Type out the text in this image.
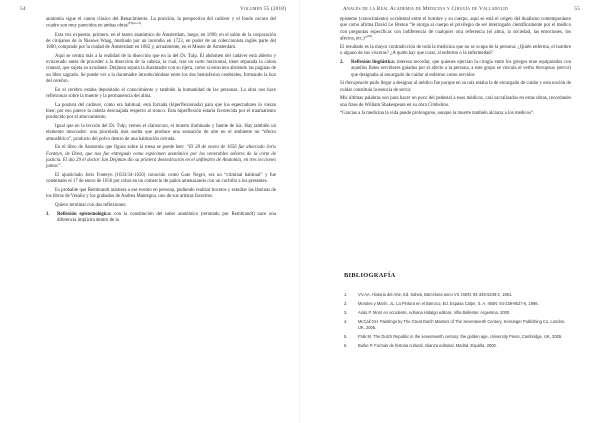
54	Volumen 55 (2018)

anatomía sigue el canon clásico del Renacimiento. La posición, la perspectiva del cadáver y el fondo oscuro del cuadro son muy parecidos en ambas obras$^{(Figura 4)}$.

Esta vez expuesto, primero, en el teatro anatómico de Ámsterdam, luego, en 1690, en el salón de la corporación de cirujanos de la Nieuwe Waag, mutilado por un incendio en 1723, en poder de un coleccionista inglés parte del 1800, comprado por la ciudad de Ámsterdam en 1882 y, actualmente, en el Museo de Ámsterdam.

Aquí se centra más a la realidad de la disección que en la del Dr. Tulp. El abdomen del cadáver está abierto y eviscerado antes de proceder a la disección de la cabeza, la cual, tras un corte horizontal, tiene separada la calota craneal, que sujeta su ayudante. Deijman separa la duramadre con su tijera, como si estuviera abriendo las páginas de un libro sagrado. Se puede ver a la duramadre introduciéndose entre los dos hemisferios cerebrales, formando la hoz del cerebro.

En el cerebro estaba depositado el conocimiento y también la humanidad de las personas. La obra nos hace reflexionar sobre la muerte y la permanencia del alma.

La postura del cadáver, como era habitual, está forzada (hiperflexionada) para que los espectadores lo vieran bien; por eso parece la cabeza descuajada respecto al tronco. Esta hiperflexión estaría favorecida por el traumatismo producido por el ahorcamiento.

Igual que en la lección del Dr. Tulp, vemos el claroscuro, el muerto iluminado y fuente de luz. Hay también un elemento innovador: una pincelada más suelta que produce una sensación de aire en el ambiente un “efecto atmosférico”, producto del polvo dentro de una habitación cerrada.

En el libro de Anatomía que figura sobre la mesa se puede leer: “El 28 de enero de 1656 fue ahorcado Joris Fonteyn, de Diest, que nos fue entregado como espécimen anatómico por los venerables señores de la corte de justicia. El día 29 el doctor Jan Deijman dio su primera demostración en el anfiteatro de Anatomía, en tres lecciones juntas”.

El ajusticiado Joris Fonteyn (1633/34-1656) conocido como Gato Negro, era un “criminal habitual” y fue condenado el 17 de enero de 1656 por robar en un comercio de paños amenazando con un cuchillo a los presentes.

Es probable que Rembrandt asistiera a ese evento en persona, pudiendo realizar bocetos y estudiar las láminas de los libros de Vesalio y los grabados de Andrea Mantegna, uno de sus artistas favoritos.

Quiero terminar con dos reflexiones:

1. Reflexión epistemológica: con la constitución del saber anatómico (retratado por Rembrandt) nace una diferencia implícita dentro de la
Anales de la Real Academia de Medicina y Cirugía de Valladolid	55

episteme (conocimiento) occidental entre el hombre y su cuerpo, aquí se está el origen del dualismo contemporáneo que como afirma David Le Breton “le otorga al cuerpo el privilegio de ser interrogado científicamente por el médico con preguntas específicas con indiferencia de cualquier otra referencia (el alma, la sociedad, las emociones, los afectos, etc.)”$^{(29)}$.

El resultado es la mayor contradicción de toda la medicina que no se ocupa de la persona: ¿Quién enferma, el hombre o alguno de sus vísceras? ¿A quién hay que curar, al enfermo o la enfermedad?

2. Reflexión lingüística: interesa recordar, que quienes ejercían la cirugía entre los griegos eran equiparados con aquellos fieles servidores guiados por el afecto a la persona, a este grupo se vincula el verbo therapeuo (servir) que designaba al encargado de cuidar al enfermo como servidor.

Si therapeuein pudo llegar a designar al médico fue porque en su raíz estaba la de encargado de cuidar y esta noción de cuidar constituía la esencia de servir.

Mis últimas palabras son para hacer un poco del pedestal a esos médicos, casi sacralizados en estas obras, recordando una frase de William Shakespeare en su obra Cimbelino.

“Gracias a la medicina la vida puede prolongarse, aunque la muerte también alcanza a los médicos”.

BIBLIOGRAFÍA
1.	VV.AA. Historia del Arte, Ed. Salvat, Barcelona tomo VII. ISBN: 84-345-5249-2, 1981.
2.	Morales y Marín, JL. La Pintura en el Barroco, Ed. Espasa Calpe, S. A. ISBN: 84-239-8627-6, 1998.
3.	Ariás P. Morir en occidente, Adriana Hidalgo editora, Villa Ballester, Argentina, 2000.
4.	McCall GH. Paintings by The Great Dutch Masters of The Seventeenth Century, Kessinger Publishing Co, London, UK, 2005.
5.	Prak M. The Dutch Republic in the seventeenth century: the golden age, University Press, Cambridge, UK, 2005.
6.	Burke P. Formas de historia cultural, Alianza editorial, Madrid, España, 2000.
